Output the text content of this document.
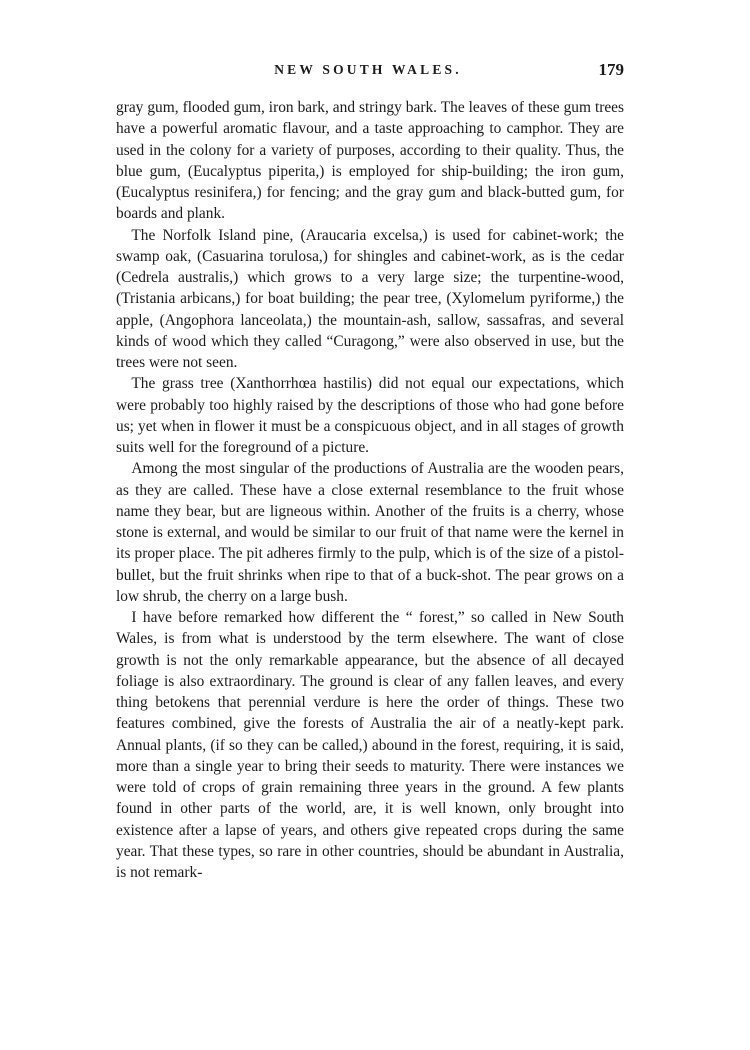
NEW SOUTH WALES.	179

gray gum, flooded gum, iron bark, and stringy bark. The leaves of these gum trees have a powerful aromatic flavour, and a taste approaching to camphor. They are used in the colony for a variety of purposes, according to their quality. Thus, the blue gum, (Eucalyptus piperita,) is employed for ship-building; the iron gum, (Eucalyptus resinifera,) for fencing; and the gray gum and black-butted gum, for boards and plank.

The Norfolk Island pine, (Araucaria excelsa,) is used for cabinet-work; the swamp oak, (Casuarina torulosa,) for shingles and cabinet-work, as is the cedar (Cedrela australis,) which grows to a very large size; the turpentine-wood, (Tristania arbicans,) for boat building; the pear tree, (Xylomelum pyriforme,) the apple, (Angophora lanceolata,) the mountain-ash, sallow, sassafras, and several kinds of wood which they called “Curagong,” were also observed in use, but the trees were not seen.

The grass tree (Xanthorrhœa hastilis) did not equal our expectations, which were probably too highly raised by the descriptions of those who had gone before us; yet when in flower it must be a conspicuous object, and in all stages of growth suits well for the foreground of a picture.

Among the most singular of the productions of Australia are the wooden pears, as they are called. These have a close external resemblance to the fruit whose name they bear, but are ligneous within. Another of the fruits is a cherry, whose stone is external, and would be similar to our fruit of that name were the kernel in its proper place. The pit adheres firmly to the pulp, which is of the size of a pistol-bullet, but the fruit shrinks when ripe to that of a buck-shot. The pear grows on a low shrub, the cherry on a large bush.

I have before remarked how different the “ forest,” so called in New South Wales, is from what is understood by the term elsewhere. The want of close growth is not the only remarkable appearance, but the absence of all decayed foliage is also extraordinary. The ground is clear of any fallen leaves, and every thing betokens that perennial verdure is here the order of things. These two features combined, give the forests of Australia the air of a neatly-kept park. Annual plants, (if so they can be called,) abound in the forest, requiring, it is said, more than a single year to bring their seeds to maturity. There were instances we were told of crops of grain remaining three years in the ground. A few plants found in other parts of the world, are, it is well known, only brought into existence after a lapse of years, and others give repeated crops during the same year. That these types, so rare in other countries, should be abundant in Australia, is not remark-
